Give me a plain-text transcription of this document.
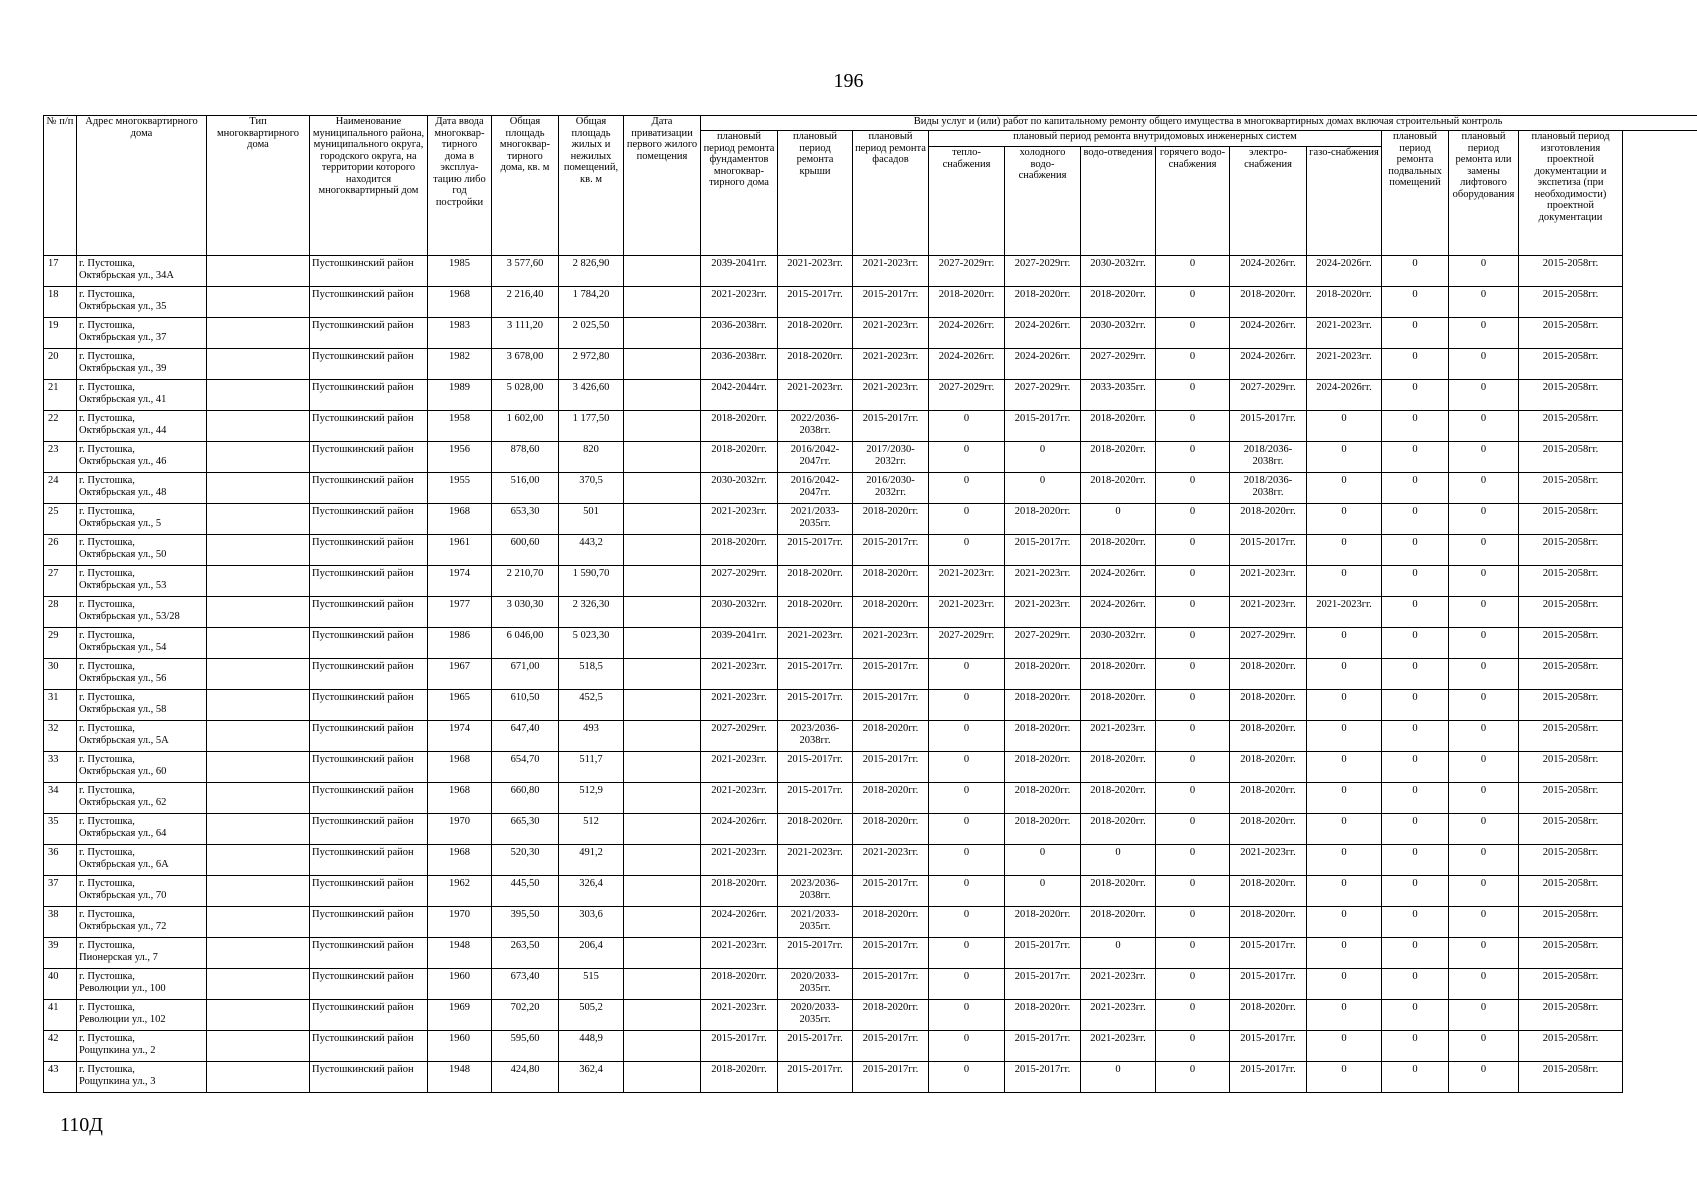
196
№ п/п	Адрес многоквартирного дома	Тип многоквартирного дома	Наименование муниципального района, муниципального округа, городского округа, на территории которого находится многоквартирный дом	Дата ввода многоквар-тирного дома в эксплуа-тацию либо год постройки	Общая площадь многоквар-тирного дома, кв. м	Общая площадь жилых и нежилых помещений, кв. м	Дата приватизации первого жилого помещения	Виды услуг и (или) работ по капитальному ремонту общего имущества в многоквартирных домах включая строительный контроль											
								плановый период ремонта фундаментов многоквар-тирного дома	плановый период ремонта крыши	плановый период ремонта фасадов	плановый период ремонта внутридомовых инженерных систем						плановый период ремонта подвальных помещений	плановый период ремонта или замены лифтового оборудования	плановый период изготовления проектной документации и экспетиза (при необходимости) проектной документации
											тепло-снабжения	холодного водо-снабжения	водо-отведения	горячего водо-снабжения	электро-снабжения	газо-снабжения			
17	г. Пустошка,
Октябрьская ул., 34А		Пустошкинский район	1985	3 577,60	2 826,90		2039-2041гг.	2021-2023гг.	2021-2023гг.	2027-2029гг.	2027-2029гг.	2030-2032гг.	0	2024-2026гг.	2024-2026гг.	0	0	2015-2058гг.
18	г. Пустошка,
Октябрьская ул., 35		Пустошкинский район	1968	2 216,40	1 784,20		2021-2023гг.	2015-2017гг.	2015-2017гг.	2018-2020гг.	2018-2020гг.	2018-2020гг.	0	2018-2020гг.	2018-2020гг.	0	0	2015-2058гг.
19	г. Пустошка,
Октябрьская ул., 37		Пустошкинский район	1983	3 111,20	2 025,50		2036-2038гг.	2018-2020гг.	2021-2023гг.	2024-2026гг.	2024-2026гг.	2030-2032гг.	0	2024-2026гг.	2021-2023гг.	0	0	2015-2058гг.
20	г. Пустошка,
Октябрьская ул., 39		Пустошкинский район	1982	3 678,00	2 972,80		2036-2038гг.	2018-2020гг.	2021-2023гг.	2024-2026гг.	2024-2026гг.	2027-2029гг.	0	2024-2026гг.	2021-2023гг.	0	0	2015-2058гг.
21	г. Пустошка,
Октябрьская ул., 41		Пустошкинский район	1989	5 028,00	3 426,60		2042-2044гг.	2021-2023гг.	2021-2023гг.	2027-2029гг.	2027-2029гг.	2033-2035гг.	0	2027-2029гг.	2024-2026гг.	0	0	2015-2058гг.
22	г. Пустошка,
Октябрьская ул., 44		Пустошкинский район	1958	1 602,00	1 177,50		2018-2020гг.	2022/2036-2038гг.	2015-2017гг.	0	2015-2017гг.	2018-2020гг.	0	2015-2017гг.	0	0	0	2015-2058гг.
23	г. Пустошка,
Октябрьская ул., 46		Пустошкинский район	1956	878,60	820		2018-2020гг.	2016/2042-2047гг.	2017/2030-2032гг.	0	0	2018-2020гг.	0	2018/2036-2038гг.	0	0	0	2015-2058гг.
24	г. Пустошка,
Октябрьская ул., 48		Пустошкинский район	1955	516,00	370,5		2030-2032гг.	2016/2042-2047гг.	2016/2030-2032гг.	0	0	2018-2020гг.	0	2018/2036-2038гг.	0	0	0	2015-2058гг.
25	г. Пустошка,
Октябрьская ул., 5		Пустошкинский район	1968	653,30	501		2021-2023гг.	2021/2033-2035гг.	2018-2020гг.	0	2018-2020гг.	0	0	2018-2020гг.	0	0	0	2015-2058гг.
26	г. Пустошка,
Октябрьская ул., 50		Пустошкинский район	1961	600,60	443,2		2018-2020гг.	2015-2017гг.	2015-2017гг.	0	2015-2017гг.	2018-2020гг.	0	2015-2017гг.	0	0	0	2015-2058гг.
27	г. Пустошка,
Октябрьская ул., 53		Пустошкинский район	1974	2 210,70	1 590,70		2027-2029гг.	2018-2020гг.	2018-2020гг.	2021-2023гг.	2021-2023гг.	2024-2026гг.	0	2021-2023гг.	0	0	0	2015-2058гг.
28	г. Пустошка,
Октябрьская ул., 53/28		Пустошкинский район	1977	3 030,30	2 326,30		2030-2032гг.	2018-2020гг.	2018-2020гг.	2021-2023гг.	2021-2023гг.	2024-2026гг.	0	2021-2023гг.	2021-2023гг.	0	0	2015-2058гг.
29	г. Пустошка,
Октябрьская ул., 54		Пустошкинский район	1986	6 046,00	5 023,30		2039-2041гг.	2021-2023гг.	2021-2023гг.	2027-2029гг.	2027-2029гг.	2030-2032гг.	0	2027-2029гг.	0	0	0	2015-2058гг.
30	г. Пустошка,
Октябрьская ул., 56		Пустошкинский район	1967	671,00	518,5		2021-2023гг.	2015-2017гг.	2015-2017гг.	0	2018-2020гг.	2018-2020гг.	0	2018-2020гг.	0	0	0	2015-2058гг.
31	г. Пустошка,
Октябрьская ул., 58		Пустошкинский район	1965	610,50	452,5		2021-2023гг.	2015-2017гг.	2015-2017гг.	0	2018-2020гг.	2018-2020гг.	0	2018-2020гг.	0	0	0	2015-2058гг.
32	г. Пустошка,
Октябрьская ул., 5А		Пустошкинский район	1974	647,40	493		2027-2029гг.	2023/2036-2038гг.	2018-2020гг.	0	2018-2020гг.	2021-2023гг.	0	2018-2020гг.	0	0	0	2015-2058гг.
33	г. Пустошка,
Октябрьская ул., 60		Пустошкинский район	1968	654,70	511,7		2021-2023гг.	2015-2017гг.	2015-2017гг.	0	2018-2020гг.	2018-2020гг.	0	2018-2020гг.	0	0	0	2015-2058гг.
34	г. Пустошка,
Октябрьская ул., 62		Пустошкинский район	1968	660,80	512,9		2021-2023гг.	2015-2017гг.	2018-2020гг.	0	2018-2020гг.	2018-2020гг.	0	2018-2020гг.	0	0	0	2015-2058гг.
35	г. Пустошка,
Октябрьская ул., 64		Пустошкинский район	1970	665,30	512		2024-2026гг.	2018-2020гг.	2018-2020гг.	0	2018-2020гг.	2018-2020гг.	0	2018-2020гг.	0	0	0	2015-2058гг.
36	г. Пустошка,
Октябрьская ул., 6А		Пустошкинский район	1968	520,30	491,2		2021-2023гг.	2021-2023гг.	2021-2023гг.	0	0	0	0	2021-2023гг.	0	0	0	2015-2058гг.
37	г. Пустошка,
Октябрьская ул., 70		Пустошкинский район	1962	445,50	326,4		2018-2020гг.	2023/2036-2038гг.	2015-2017гг.	0	0	2018-2020гг.	0	2018-2020гг.	0	0	0	2015-2058гг.
38	г. Пустошка,
Октябрьская ул., 72		Пустошкинский район	1970	395,50	303,6		2024-2026гг.	2021/2033-2035гг.	2018-2020гг.	0	2018-2020гг.	2018-2020гг.	0	2018-2020гг.	0	0	0	2015-2058гг.
39	г. Пустошка,
Пионерская ул., 7		Пустошкинский район	1948	263,50	206,4		2021-2023гг.	2015-2017гг.	2015-2017гг.	0	2015-2017гг.	0	0	2015-2017гг.	0	0	0	2015-2058гг.
40	г. Пустошка,
Революции ул., 100		Пустошкинский район	1960	673,40	515		2018-2020гг.	2020/2033-2035гг.	2015-2017гг.	0	2015-2017гг.	2021-2023гг.	0	2015-2017гг.	0	0	0	2015-2058гг.
41	г. Пустошка,
Революции ул., 102		Пустошкинский район	1969	702,20	505,2		2021-2023гг.	2020/2033-2035гг.	2018-2020гг.	0	2018-2020гг.	2021-2023гг.	0	2018-2020гг.	0	0	0	2015-2058гг.
42	г. Пустошка,
Рощупкина ул., 2		Пустошкинский район	1960	595,60	448,9		2015-2017гг.	2015-2017гг.	2015-2017гг.	0	2015-2017гг.	2021-2023гг.	0	2015-2017гг.	0	0	0	2015-2058гг.
43	г. Пустошка,
Рощупкина ул., 3		Пустошкинский район	1948	424,80	362,4		2018-2020гг.	2015-2017гг.	2015-2017гг.	0	2015-2017гг.	0	0	2015-2017гг.	0	0	0	2015-2058гг.
110Д
